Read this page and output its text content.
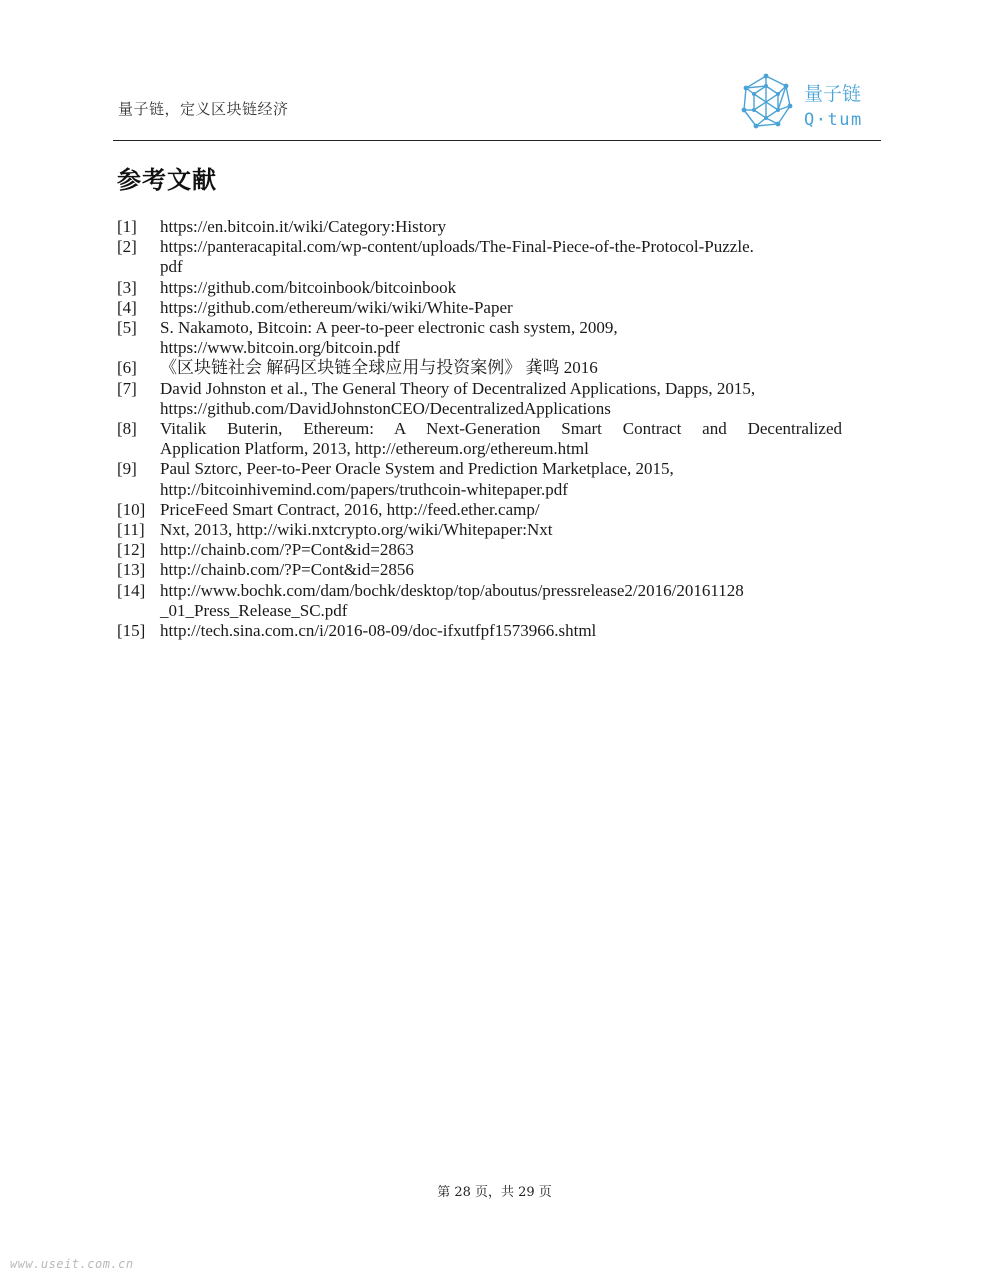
量子链，定义区块链经济
量子链
Q·tum
参考文献
[1]	https://en.bitcoin.it/wiki/Category:History
[2]	https://panteracapital.com/wp-content/uploads/The-Final-Piece-of-the-Protocol-Puzzle.
pdf
[3]	https://github.com/bitcoinbook/bitcoinbook
[4]	https://github.com/ethereum/wiki/wiki/White-Paper
[5]	S. Nakamoto, Bitcoin: A peer-to-peer electronic cash system, 2009,
https://www.bitcoin.org/bitcoin.pdf
[6]	《区块链社会 解码区块链全球应用与投资案例》 龚鸣 2016
[7]	David Johnston et al., The General Theory of Decentralized Applications, Dapps, 2015,
https://github.com/DavidJohnstonCEO/DecentralizedApplications
[8]	Vitalik Buterin, Ethereum: A Next-Generation Smart Contract and Decentralized
Application Platform, 2013, http://ethereum.org/ethereum.html
[9]	Paul Sztorc, Peer-to-Peer Oracle System and Prediction Marketplace, 2015,
http://bitcoinhivemind.com/papers/truthcoin-whitepaper.pdf
[10] PriceFeed Smart Contract, 2016, http://feed.ether.camp/
[11] Nxt, 2013, http://wiki.nxtcrypto.org/wiki/Whitepaper:Nxt
[12] http://chainb.com/?P=Cont&id=2863
[13] http://chainb.com/?P=Cont&id=2856
[14] http://www.bochk.com/dam/bochk/desktop/top/aboutus/pressrelease2/2016/20161128
_01_Press_Release_SC.pdf
[15] http://tech.sina.com.cn/i/2016-08-09/doc-ifxutfpf1573966.shtml
第 28 页，共 29 页
www.useit.com.cn
